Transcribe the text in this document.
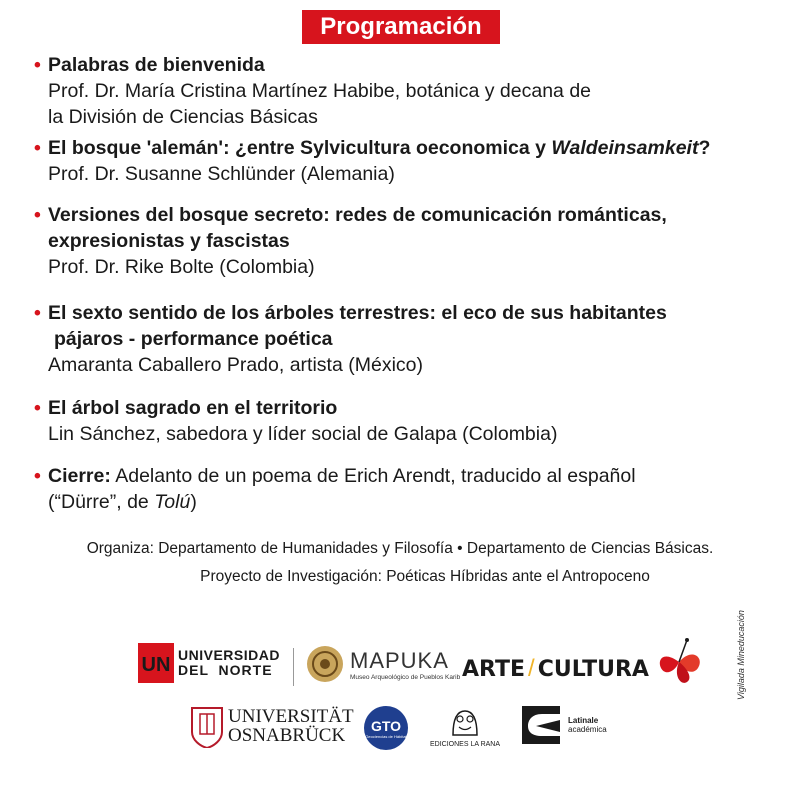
Programación
• Palabras de bienvenida
Prof. Dr. María Cristina Martínez Habibe, botánica y decana de
la División de Ciencias Básicas
• El bosque 'alemán': ¿entre Sylvicultura oeconomica y Waldeinsamkeit?
Prof. Dr. Susanne Schlünder (Alemania)
• Versiones del bosque secreto: redes de comunicación románticas,
expresionistas y fascistas
Prof. Dr. Rike Bolte (Colombia)
• El sexto sentido de los árboles terrestres: el eco de sus habitantes
pájaros - performance poética
Amaranta Caballero Prado, artista (México)
• El árbol sagrado en el territorio
Lin Sánchez, sabedora y líder social de Galapa (Colombia)
• Cierre: Adelanto de un poema de Erich Arendt, traducido al español
(“Dürre”, de Tolú)
Organiza: Departamento de Humanidades y Filosofía • Departamento de Ciencias Básicas.
Proyecto de Investigación: Poéticas Híbridas ante el Antropoceno
UN UNIVERSIDAD
DEL  NORTE	MAPUKA
Museo Arqueológico de Pueblos Karib ARTE / CULTURA
UNIVERSITÄT
OSNABRÜCK	GTO
Geociencias de Hábitat
EDICIONES LA RANA
Latinale
académica
Vigilada Mineducación
